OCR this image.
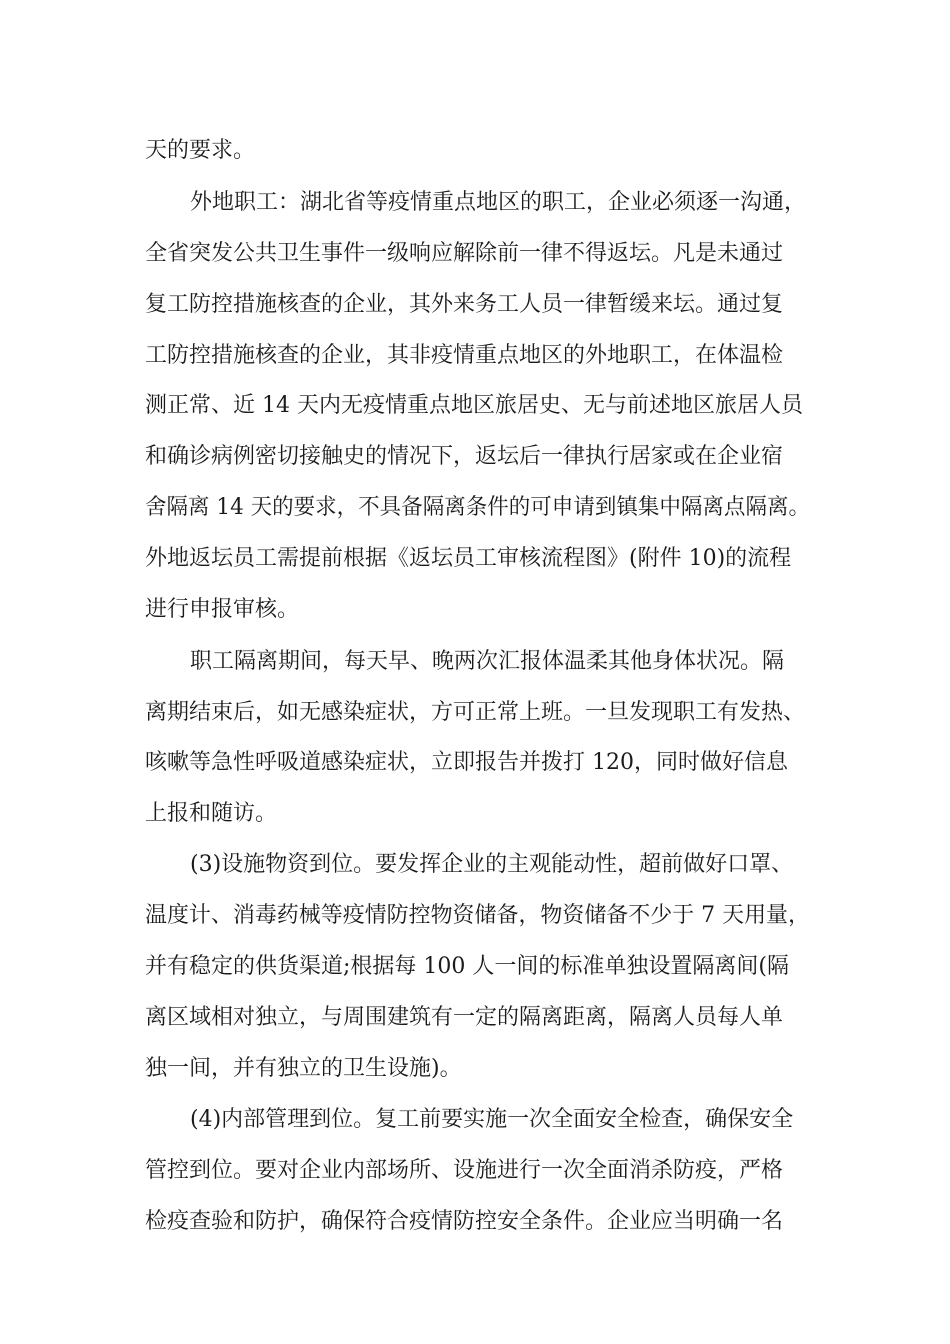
天的要求。
外地职工：湖北省等疫情重点地区的职工，企业必须逐一沟通，
全省突发公共卫生事件一级响应解除前一律不得返坛。凡是未通过
复工防控措施核查的企业，其外来务工人员一律暂缓来坛。通过复
工防控措施核查的企业，其非疫情重点地区的外地职工，在体温检
测正常、近 14 天内无疫情重点地区旅居史、无与前述地区旅居人员
和确诊病例密切接触史的情况下，返坛后一律执行居家或在企业宿
舍隔离 14 天的要求，不具备隔离条件的可申请到镇集中隔离点隔离。
外地返坛员工需提前根据《返坛员工审核流程图》(附件 10)的流程
进行申报审核。
职工隔离期间，每天早、晚两次汇报体温柔其他身体状况。隔
离期结束后，如无感染症状，方可正常上班。一旦发现职工有发热、
咳嗽等急性呼吸道感染症状，立即报告并拨打 120，同时做好信息
上报和随访。
(3)设施物资到位。要发挥企业的主观能动性，超前做好口罩、
温度计、消毒药械等疫情防控物资储备，物资储备不少于 7 天用量，
并有稳定的供货渠道;根据每 100 人一间的标准单独设置隔离间(隔
离区域相对独立，与周围建筑有一定的隔离距离，隔离人员每人单
独一间，并有独立的卫生设施)。
(4)内部管理到位。复工前要实施一次全面安全检查，确保安全
管控到位。要对企业内部场所、设施进行一次全面消杀防疫，严格
检疫查验和防护，确保符合疫情防控安全条件。企业应当明确一名
